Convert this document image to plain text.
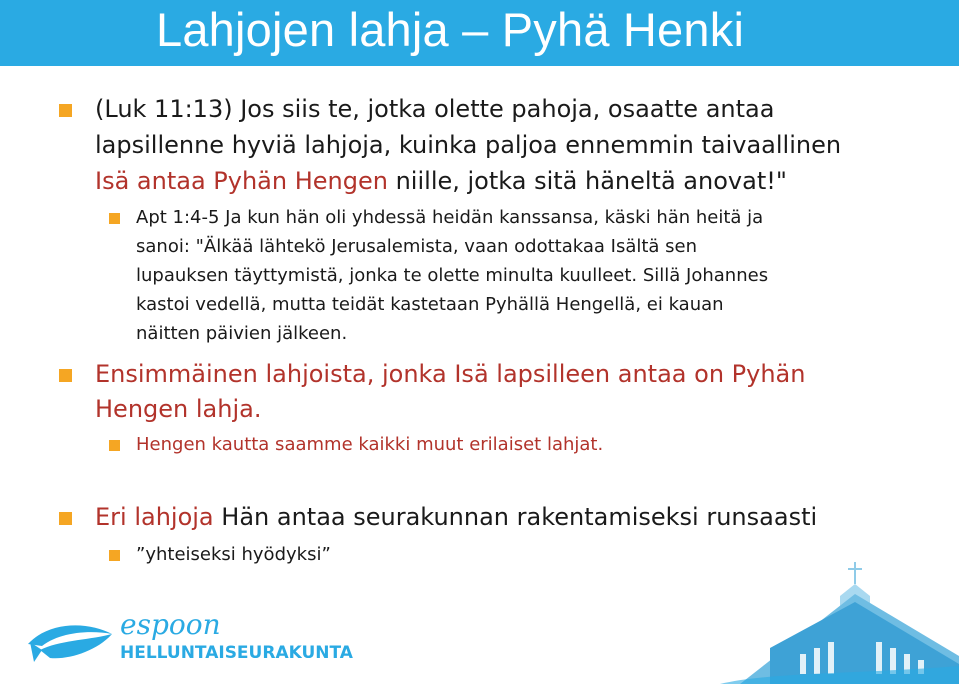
Lahjojen lahja – Pyhä Henki
(Luk 11:13) Jos siis te, jotka olette pahoja, osaatte antaa
lapsillenne hyviä lahjoja, kuinka paljoa ennemmin taivaallinen
Isä antaa Pyhän Hengen niille, jotka sitä häneltä anovat!"
Apt 1:4-5 Ja kun hän oli yhdessä heidän kanssansa, käski hän heitä ja
sanoi: "Älkää lähtekö Jerusalemista, vaan odottakaa Isältä sen
lupauksen täyttymistä, jonka te olette minulta kuulleet. Sillä Johannes
kastoi vedellä, mutta teidät kastetaan Pyhällä Hengellä, ei kauan
näitten päivien jälkeen.
Ensimmäinen lahjoista, jonka Isä lapsilleen antaa on Pyhän
Hengen lahja.
Hengen kautta saamme kaikki muut erilaiset lahjat.
Eri lahjoja Hän antaa seurakunnan rakentamiseksi runsaasti
”yhteiseksi hyödyksi”
espoon
HELLUNTAISEURAKUNTA
